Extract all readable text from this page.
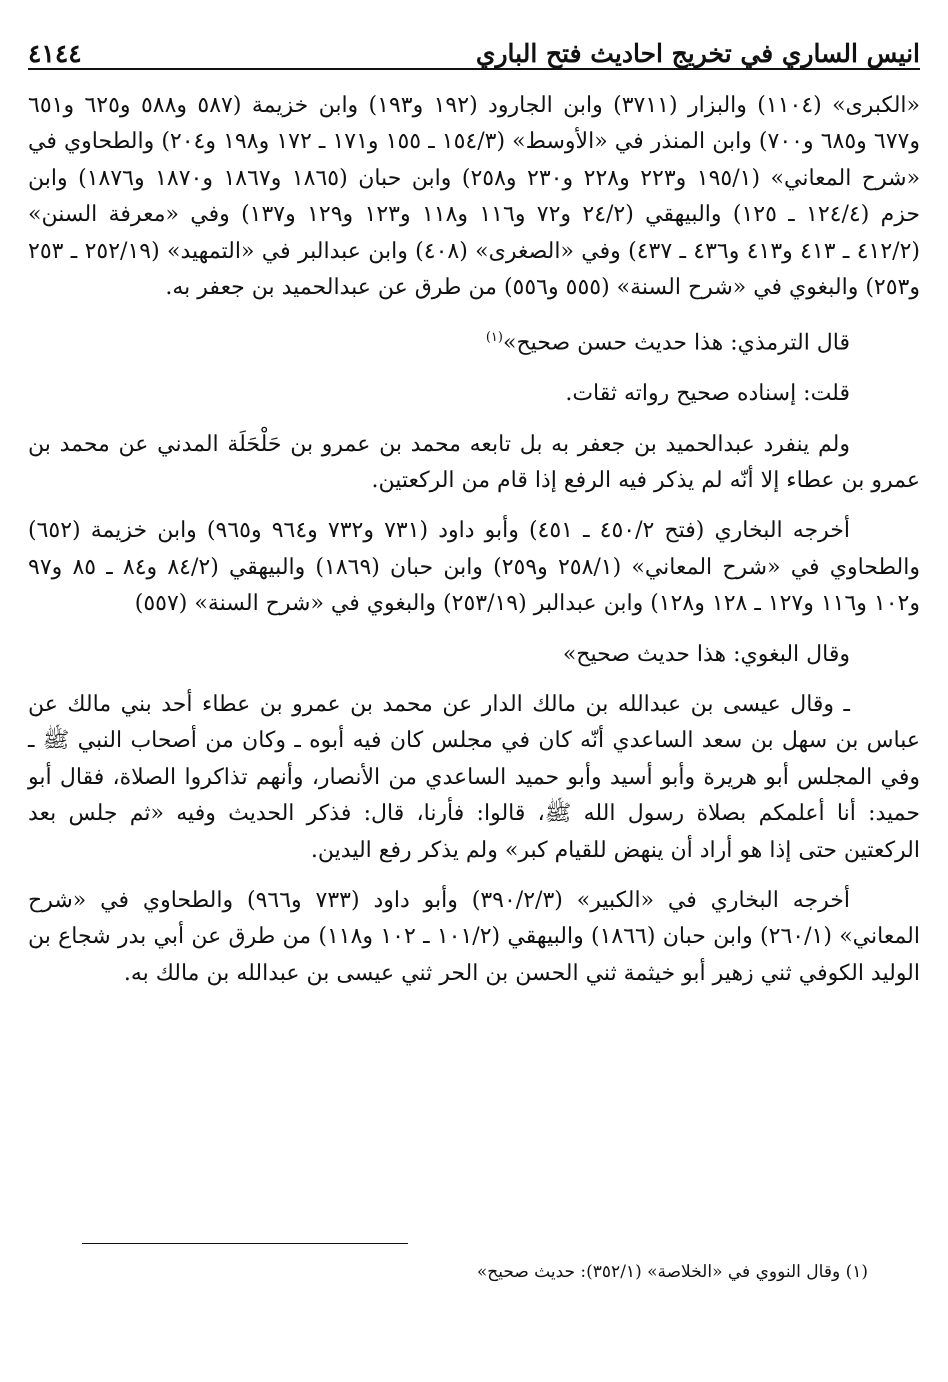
٤١٤٤	انيس الساري في تخريج احاديث فتح الباري

«الكبرى» (١١٠٤) والبزار (٣٧١١) وابن الجارود (١٩٢ و١٩٣) وابن خزيمة (٥٨٧ و٥٨٨ و٦٢٥ و٦٥١ و٦٧٧ و٦٨٥ و٧٠٠) وابن المنذر في «الأوسط» (١٥٤/٣ ـ ١٥٥ و١٧١ ـ ١٧٢ و١٩٨ و٢٠٤) والطحاوي في «شرح المعاني» (١٩٥/١ و٢٢٣ و٢٢٨ و٢٣٠ و٢٥٨) وابن حبان (١٨٦٥ و١٨٦٧ و١٨٧٠ و١٨٧٦) وابن حزم (١٢٤/٤ ـ ١٢٥) والبيهقي (٢٤/٢ و٧٢ و١١٦ و١١٨ و١٢٣ و١٢٩ و١٣٧) وفي «معرفة السنن» (٤١٢/٢ ـ ٤١٣ و٤١٣ و٤٣٦ ـ ٤٣٧) وفي «الصغرى» (٤٠٨) وابن عبدالبر في «التمهيد» (٢٥٢/١٩ ـ ٢٥٣ و٢٥٣) والبغوي في «شرح السنة» (٥٥٥ و٥٥٦) من طرق عن عبدالحميد بن جعفر به.

قال الترمذي: هذا حديث حسن صحيح»$^{(١)}$

قلت: إسناده صحيح رواته ثقات.

ولم ينفرد عبدالحميد بن جعفر به بل تابعه محمد بن عمرو بن حَلْحَلَة المدني عن محمد بن عمرو بن عطاء إلا أنّه لم يذكر فيه الرفع إذا قام من الركعتين.

أخرجه البخاري (فتح ٤٥٠/٢ ـ ٤٥١) وأبو داود (٧٣١ و٧٣٢ و٩٦٤ و٩٦٥) وابن خزيمة (٦٥٢) والطحاوي في «شرح المعاني» (٢٥٨/١ و٢٥٩) وابن حبان (١٨٦٩) والبيهقي (٨٤/٢ و٨٤ ـ ٨٥ و٩٧ و١٠٢ و١١٦ و١٢٧ ـ ١٢٨ و١٢٨) وابن عبدالبر (٢٥٣/١٩) والبغوي في «شرح السنة» (٥٥٧)

وقال البغوي: هذا حديث صحيح»

ـ وقال عيسى بن عبدالله بن مالك الدار عن محمد بن عمرو بن عطاء أحد بني مالك عن عباس بن سهل بن سعد الساعدي أنّه كان في مجلس كان فيه أبوه ـ وكان من أصحاب النبي ﷺ ـ وفي المجلس أبو هريرة وأبو أسيد وأبو حميد الساعدي من الأنصار، وأنهم تذاكروا الصلاة، فقال أبو حميد: أنا أعلمكم بصلاة رسول الله ﷺ، قالوا: فأرنا، قال: فذكر الحديث وفيه «ثم جلس بعد الركعتين حتى إذا هو أراد أن ينهض للقيام كبر» ولم يذكر رفع اليدين.

أخرجه البخاري في «الكبير» (٣٩٠/٢/٣) وأبو داود (٧٣٣ و٩٦٦) والطحاوي في «شرح المعاني» (٢٦٠/١) وابن حبان (١٨٦٦) والبيهقي (١٠١/٢ ـ ١٠٢ و١١٨) من طرق عن أبي بدر شجاع بن الوليد الكوفي ثني زهير أبو خيثمة ثني الحسن بن الحر ثني عيسى بن عبدالله بن مالك به.

(١) وقال النووي في «الخلاصة» (٣٥٢/١): حديث صحيح»
